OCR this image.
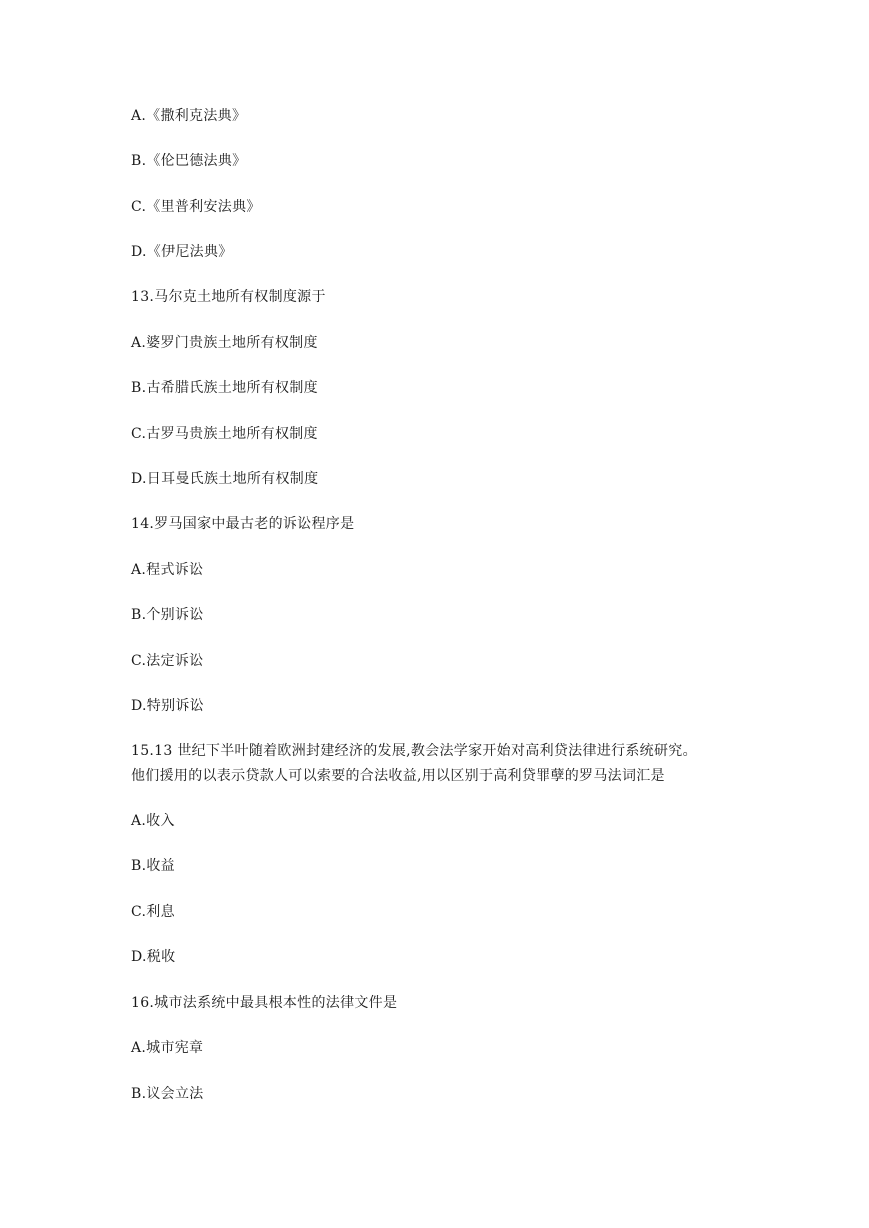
A.《撒利克法典》
B.《伦巴德法典》
C.《里普利安法典》
D.《伊尼法典》
13.马尔克土地所有权制度源于
A.婆罗门贵族土地所有权制度
B.古希腊氏族土地所有权制度
C.古罗马贵族土地所有权制度
D.日耳曼氏族土地所有权制度
14.罗马国家中最古老的诉讼程序是
A.程式诉讼
B.个别诉讼
C.法定诉讼
D.特别诉讼
15.13 世纪下半叶随着欧洲封建经济的发展,教会法学家开始对高利贷法律进行系统研究。
他们援用的以表示贷款人可以索要的合法收益,用以区别于高利贷罪孽的罗马法词汇是
A.收入
B.收益
C.利息
D.税收
16.城市法系统中最具根本性的法律文件是
A.城市宪章
B.议会立法
